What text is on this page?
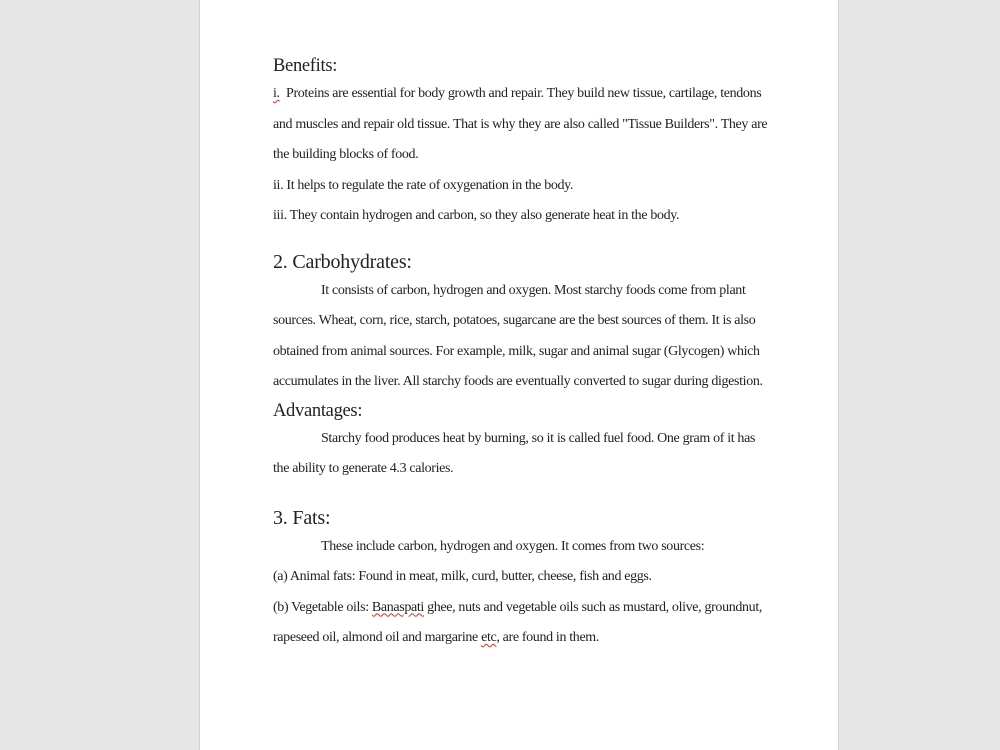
Benefits:

i. Proteins are essential for body growth and repair. They build new tissue, cartilage, tendons and muscles and repair old tissue. That is why they are also called "Tissue Builders". They are the building blocks of food.

ii. It helps to regulate the rate of oxygenation in the body.

iii. They contain hydrogen and carbon, so they also generate heat in the body.

2. Carbohydrates:

It consists of carbon, hydrogen and oxygen. Most starchy foods come from plant sources. Wheat, corn, rice, starch, potatoes, sugarcane are the best sources of them. It is also obtained from animal sources. For example, milk, sugar and animal sugar (Glycogen) which accumulates in the liver. All starchy foods are eventually converted to sugar during digestion.

Advantages:

Starchy food produces heat by burning, so it is called fuel food. One gram of it has the ability to generate 4.3 calories.

3. Fats:

These include carbon, hydrogen and oxygen. It comes from two sources:

(a) Animal fats: Found in meat, milk, curd, butter, cheese, fish and eggs.

(b) Vegetable oils: Banaspati ghee, nuts and vegetable oils such as mustard, olive, groundnut, rapeseed oil, almond oil and margarine etc, are found in them.
